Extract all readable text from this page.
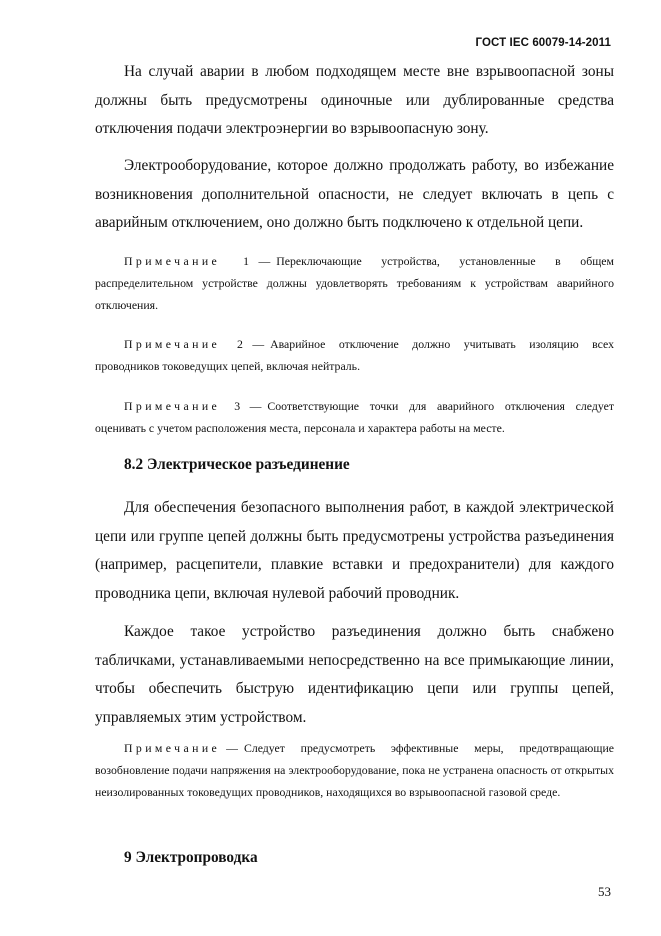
ГОСТ IEC 60079-14-2011

На случай аварии в любом подходящем месте вне взрывоопасной зоны должны быть предусмотрены одиночные или дублированные средства отключения подачи электроэнергии во взрывоопасную зону.

Электрооборудование, которое должно продолжать работу, во избежание возникновения дополнительной опасности, не следует включать в цепь с аварийным отключением, оно должно быть подключено к отдельной цепи.

Примечание 1 — Переключающие устройства, установленные в общем распределительном устройстве должны удовлетворять требованиям к устройствам аварийного отключения.

Примечание 2 — Аварийное отключение должно учитывать изоляцию всех проводников токоведущих цепей, включая нейтраль.

Примечание 3 — Соответствующие точки для аварийного отключения следует оценивать с учетом расположения места, персонала и характера работы на месте.

8.2 Электрическое разъединение

Для обеспечения безопасного выполнения работ, в каждой электрической цепи или группе цепей должны быть предусмотрены устройства разъединения (например, расцепители, плавкие вставки и предохранители) для каждого проводника цепи, включая нулевой рабочий проводник.

Каждое такое устройство разъединения должно быть снабжено табличками, устанавливаемыми непосредственно на все примыкающие линии, чтобы обеспечить быструю идентификацию цепи или группы цепей, управляемых этим устройством.

Примечание — Следует предусмотреть эффективные меры, предотвращающие возобновление подачи напряжения на электрооборудование, пока не устранена опасность от открытых неизолированных токоведущих проводников, находящихся во взрывоопасной газовой среде.

9 Электропроводка
53
